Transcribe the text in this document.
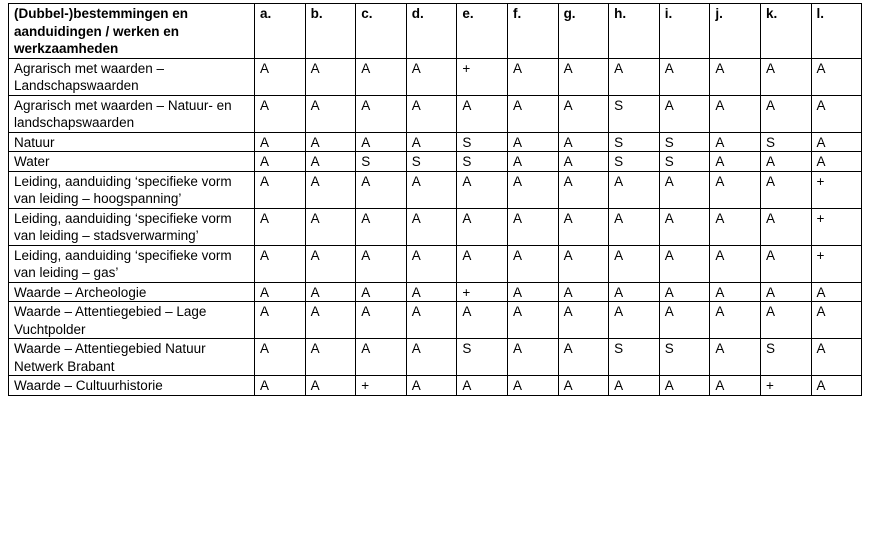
(Dubbel-)bestemmingen en aanduidingen / werken en werkzaamheden	a.	b.	c.	d.	e.	f.	g.	h.	i.	j.	k.	l.
Agrarisch met waarden – Landschapswaarden	A	A	A	A	+	A	A	A	A	A	A	A
Agrarisch met waarden – Natuur- en landschapswaarden	A	A	A	A	A	A	A	S	A	A	A	A
Natuur	A	A	A	A	S	A	A	S	S	A	S	A
Water	A	A	S	S	S	A	A	S	S	A	A	A
Leiding, aanduiding ‘specifieke vorm van leiding – hoogspanning’	A	A	A	A	A	A	A	A	A	A	A	+
Leiding, aanduiding ‘specifieke vorm van leiding – stadsverwarming’	A	A	A	A	A	A	A	A	A	A	A	+
Leiding, aanduiding ‘specifieke vorm van leiding – gas’	A	A	A	A	A	A	A	A	A	A	A	+
Waarde – Archeologie	A	A	A	A	+	A	A	A	A	A	A	A
Waarde – Attentiegebied – Lage Vuchtpolder	A	A	A	A	A	A	A	A	A	A	A	A
Waarde – Attentiegebied Natuur Netwerk Brabant	A	A	A	A	S	A	A	S	S	A	S	A
Waarde – Cultuurhistorie	A	A	+	A	A	A	A	A	A	A	+	A
